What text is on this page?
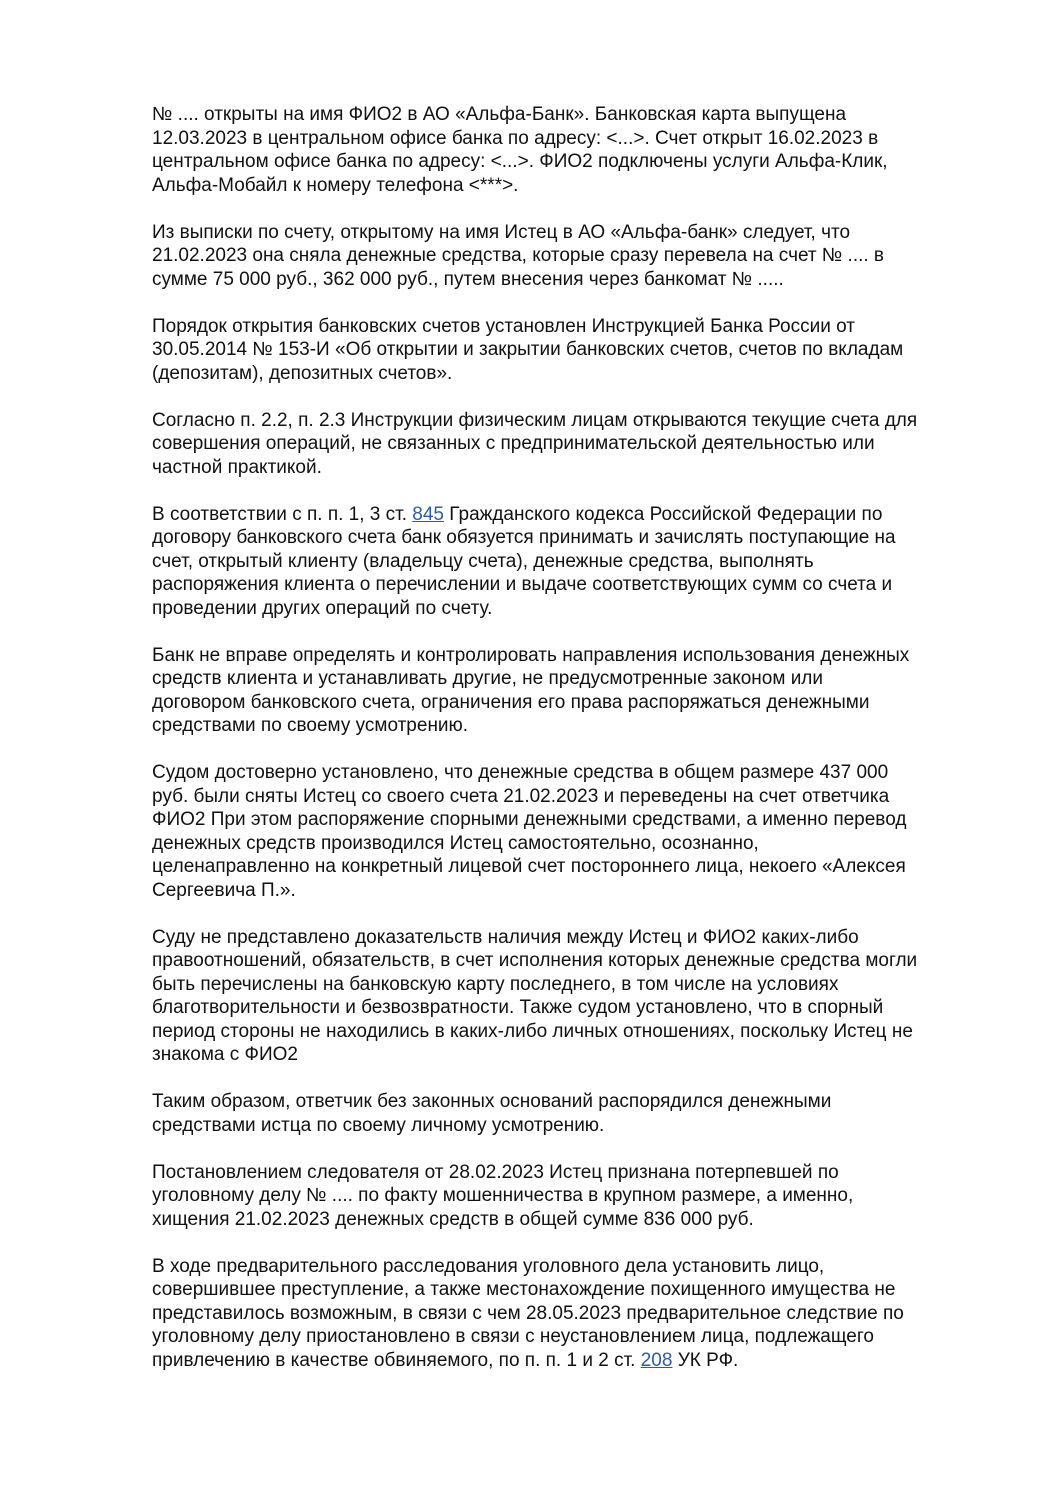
№ .... открыты на имя ФИО2 в АО «Альфа-Банк». Банковская карта выпущена
12.03.2023 в центральном офисе банка по адресу: <...>. Счет открыт 16.02.2023 в
центральном офисе банка по адресу: <...>. ФИО2 подключены услуги Альфа-Клик,
Альфа-Мобайл к номеру телефона <***>.

Из выписки по счету, открытому на имя Истец в АО «Альфа-банк» следует, что
21.02.2023 она сняла денежные средства, которые сразу перевела на счет № .... в
сумме 75 000 руб., 362 000 руб., путем внесения через банкомат № .....

Порядок открытия банковских счетов установлен Инструкцией Банка России от
30.05.2014 № 153-И «Об открытии и закрытии банковских счетов, счетов по вкладам
(депозитам), депозитных счетов».

Согласно п. 2.2, п. 2.3 Инструкции физическим лицам открываются текущие счета для
совершения операций, не связанных с предпринимательской деятельностью или
частной практикой.

В соответствии с п. п. 1, 3 ст. 845 Гражданского кодекса Российской Федерации по
договору банковского счета банк обязуется принимать и зачислять поступающие на
счет, открытый клиенту (владельцу счета), денежные средства, выполнять
распоряжения клиента о перечислении и выдаче соответствующих сумм со счета и
проведении других операций по счету.

Банк не вправе определять и контролировать направления использования денежных
средств клиента и устанавливать другие, не предусмотренные законом или
договором банковского счета, ограничения его права распоряжаться денежными
средствами по своему усмотрению.

Судом достоверно установлено, что денежные средства в общем размере 437 000
руб. были сняты Истец со своего счета 21.02.2023 и переведены на счет ответчика
ФИО2 При этом распоряжение спорными денежными средствами, а именно перевод
денежных средств производился Истец самостоятельно, осознанно,
целенаправленно на конкретный лицевой счет постороннего лица, некоего «Алексея
Сергеевича П.».

Суду не представлено доказательств наличия между Истец и ФИО2 каких-либо
правоотношений, обязательств, в счет исполнения которых денежные средства могли
быть перечислены на банковскую карту последнего, в том числе на условиях
благотворительности и безвозвратности. Также судом установлено, что в спорный
период стороны не находились в каких-либо личных отношениях, поскольку Истец не
знакома с ФИО2

Таким образом, ответчик без законных оснований распорядился денежными
средствами истца по своему личному усмотрению.

Постановлением следователя от 28.02.2023 Истец признана потерпевшей по
уголовному делу № .... по факту мошенничества в крупном размере, а именно,
хищения 21.02.2023 денежных средств в общей сумме 836 000 руб.

В ходе предварительного расследования уголовного дела установить лицо,
совершившее преступление, а также местонахождение похищенного имущества не
представилось возможным, в связи с чем 28.05.2023 предварительное следствие по
уголовному делу приостановлено в связи с неустановлением лица, подлежащего
привлечению в качестве обвиняемого, по п. п. 1 и 2 ст. 208 УК РФ.
